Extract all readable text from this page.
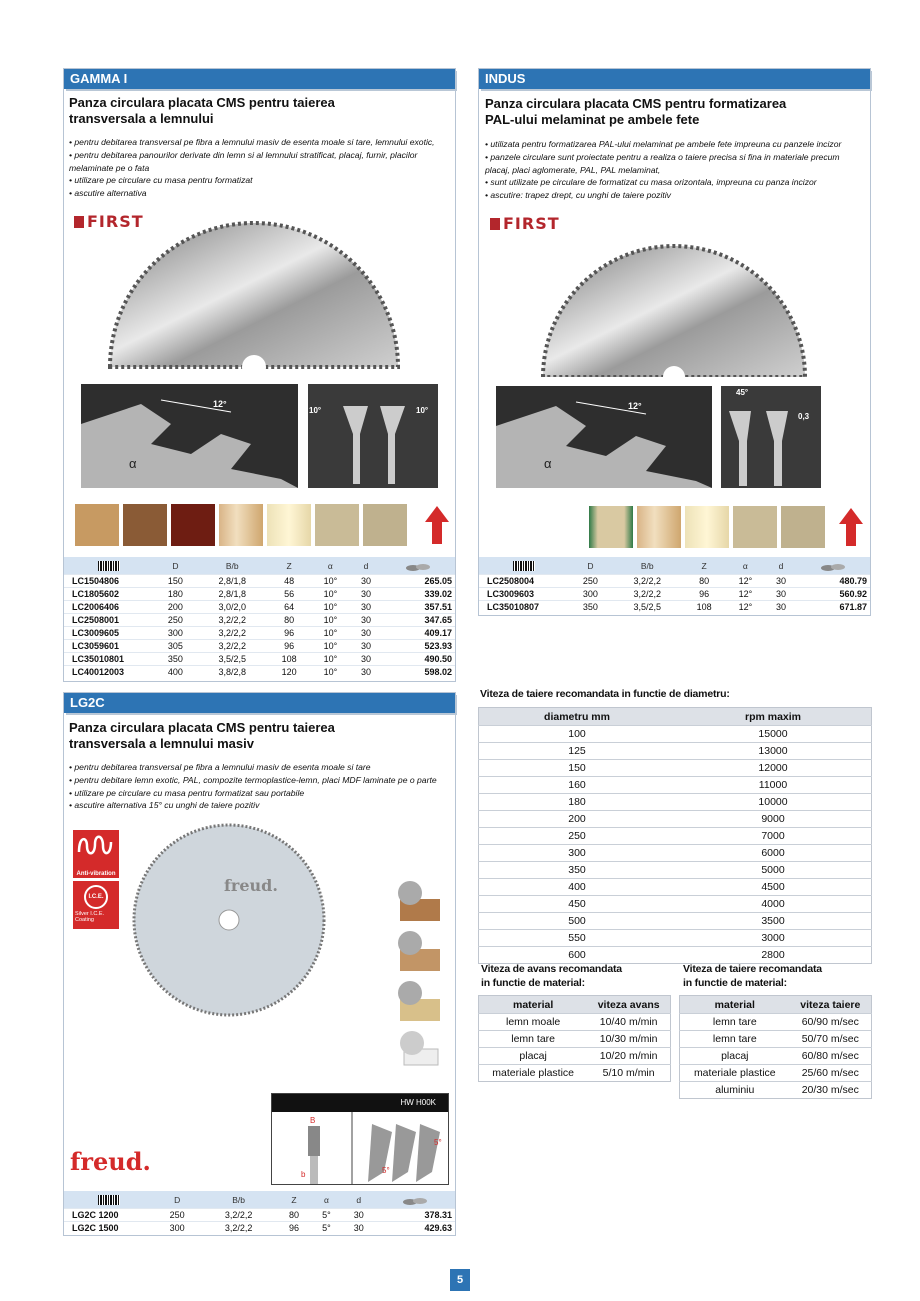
GAMMA I
Panza circulara placata CMS pentru taierea
transversala a lemnului
• pentru debitarea transversal pe fibra a lemnului masiv de esenta moale si tare, lemnului exotic,
• pentru debitarea panourilor derivate din lemn si al lemnului stratificat, placaj, furnir, placilor
melaminate pe o fata
• utilizare pe circulare cu masa pentru formatizat
• ascutire alternativa
FIRST
12°
α
10°	10°
	D	B/b	Z	α	d	
LC1504806	150	2,8/1,8	48	10°	30	265.05
LC1805602	180	2,8/1,8	56	10°	30	339.02
LC2006406	200	3,0/2,0	64	10°	30	357.51
LC2508001	250	3,2/2,2	80	10°	30	347.65
LC3009605	300	3,2/2,2	96	10°	30	409.17
LC3059601	305	3,2/2,2	96	10°	30	523.93
LC35010801	350	3,5/2,5	108	10°	30	490.50
LC40012003	400	3,8/2,8	120	10°	30	598.02
INDUS
Panza circulara placata CMS pentru formatizarea
PAL-ului melaminat pe ambele fete
• utilizata pentru formatizarea PAL-ului melaminat pe ambele fete impreuna cu panzele incizor
• panzele circulare sunt proiectate pentru a realiza o taiere precisa si fina in materiale precum
placaj, placi aglomerate, PAL, PAL melaminat,
• sunt utilizate pe circulare de formatizat cu masa orizontala, impreuna cu panza incizor
• ascutire: trapez drept, cu unghi de taiere pozitiv
FIRST
12°
α
45°
0,3
	D	B/b	Z	α	d	
LC2508004	250	3,2/2,2	80	12°	30	480.79
LC3009603	300	3,2/2,2	96	12°	30	560.92
LC35010807	350	3,5/2,5	108	12°	30	671.87
LG2C
Panza circulara placata CMS pentru taierea
transversala a lemnului masiv
• pentru debitarea transversal pe fibra a lemnului masiv de esenta moale si tare
• pentru debitare lemn exotic, PAL, compozite termoplastice-lemn, placi MDF laminate pe o parte
• utilizare pe circulare cu masa pentru formatizat sau portabile
• ascutire alternativa 15° cu unghi de taiere pozitiv
Anti-vibration
I.C.E.
Silver I.C.E.
Coating
freud.
freud.
HW H00K
B
b	5°
5°
	D	B/b	Z	α	d	
LG2C 1200	250	3,2/2,2	80	5°	30	378.31
LG2C 1500	300	3,2/2,2	96	5°	30	429.63
Viteza de taiere recomandata in functie de diametru:
diametru mm	rpm maxim
100	15000
125	13000
150	12000
160	11000
180	10000
200	9000
250	7000
300	6000
350	5000
400	4500
450	4000
500	3500
550	3000
600	2800
Viteza de avans recomandata
in functie de material:
material	viteza avans
lemn moale	10/40 m/min
lemn tare	10/30 m/min
placaj	10/20 m/min
materiale plastice	5/10 m/min
Viteza de taiere recomandata
in functie de material:
material	viteza taiere
lemn tare	60/90 m/sec
lemn tare	50/70 m/sec
placaj	60/80 m/sec
materiale plastice	25/60 m/sec
aluminiu	20/30 m/sec
5
